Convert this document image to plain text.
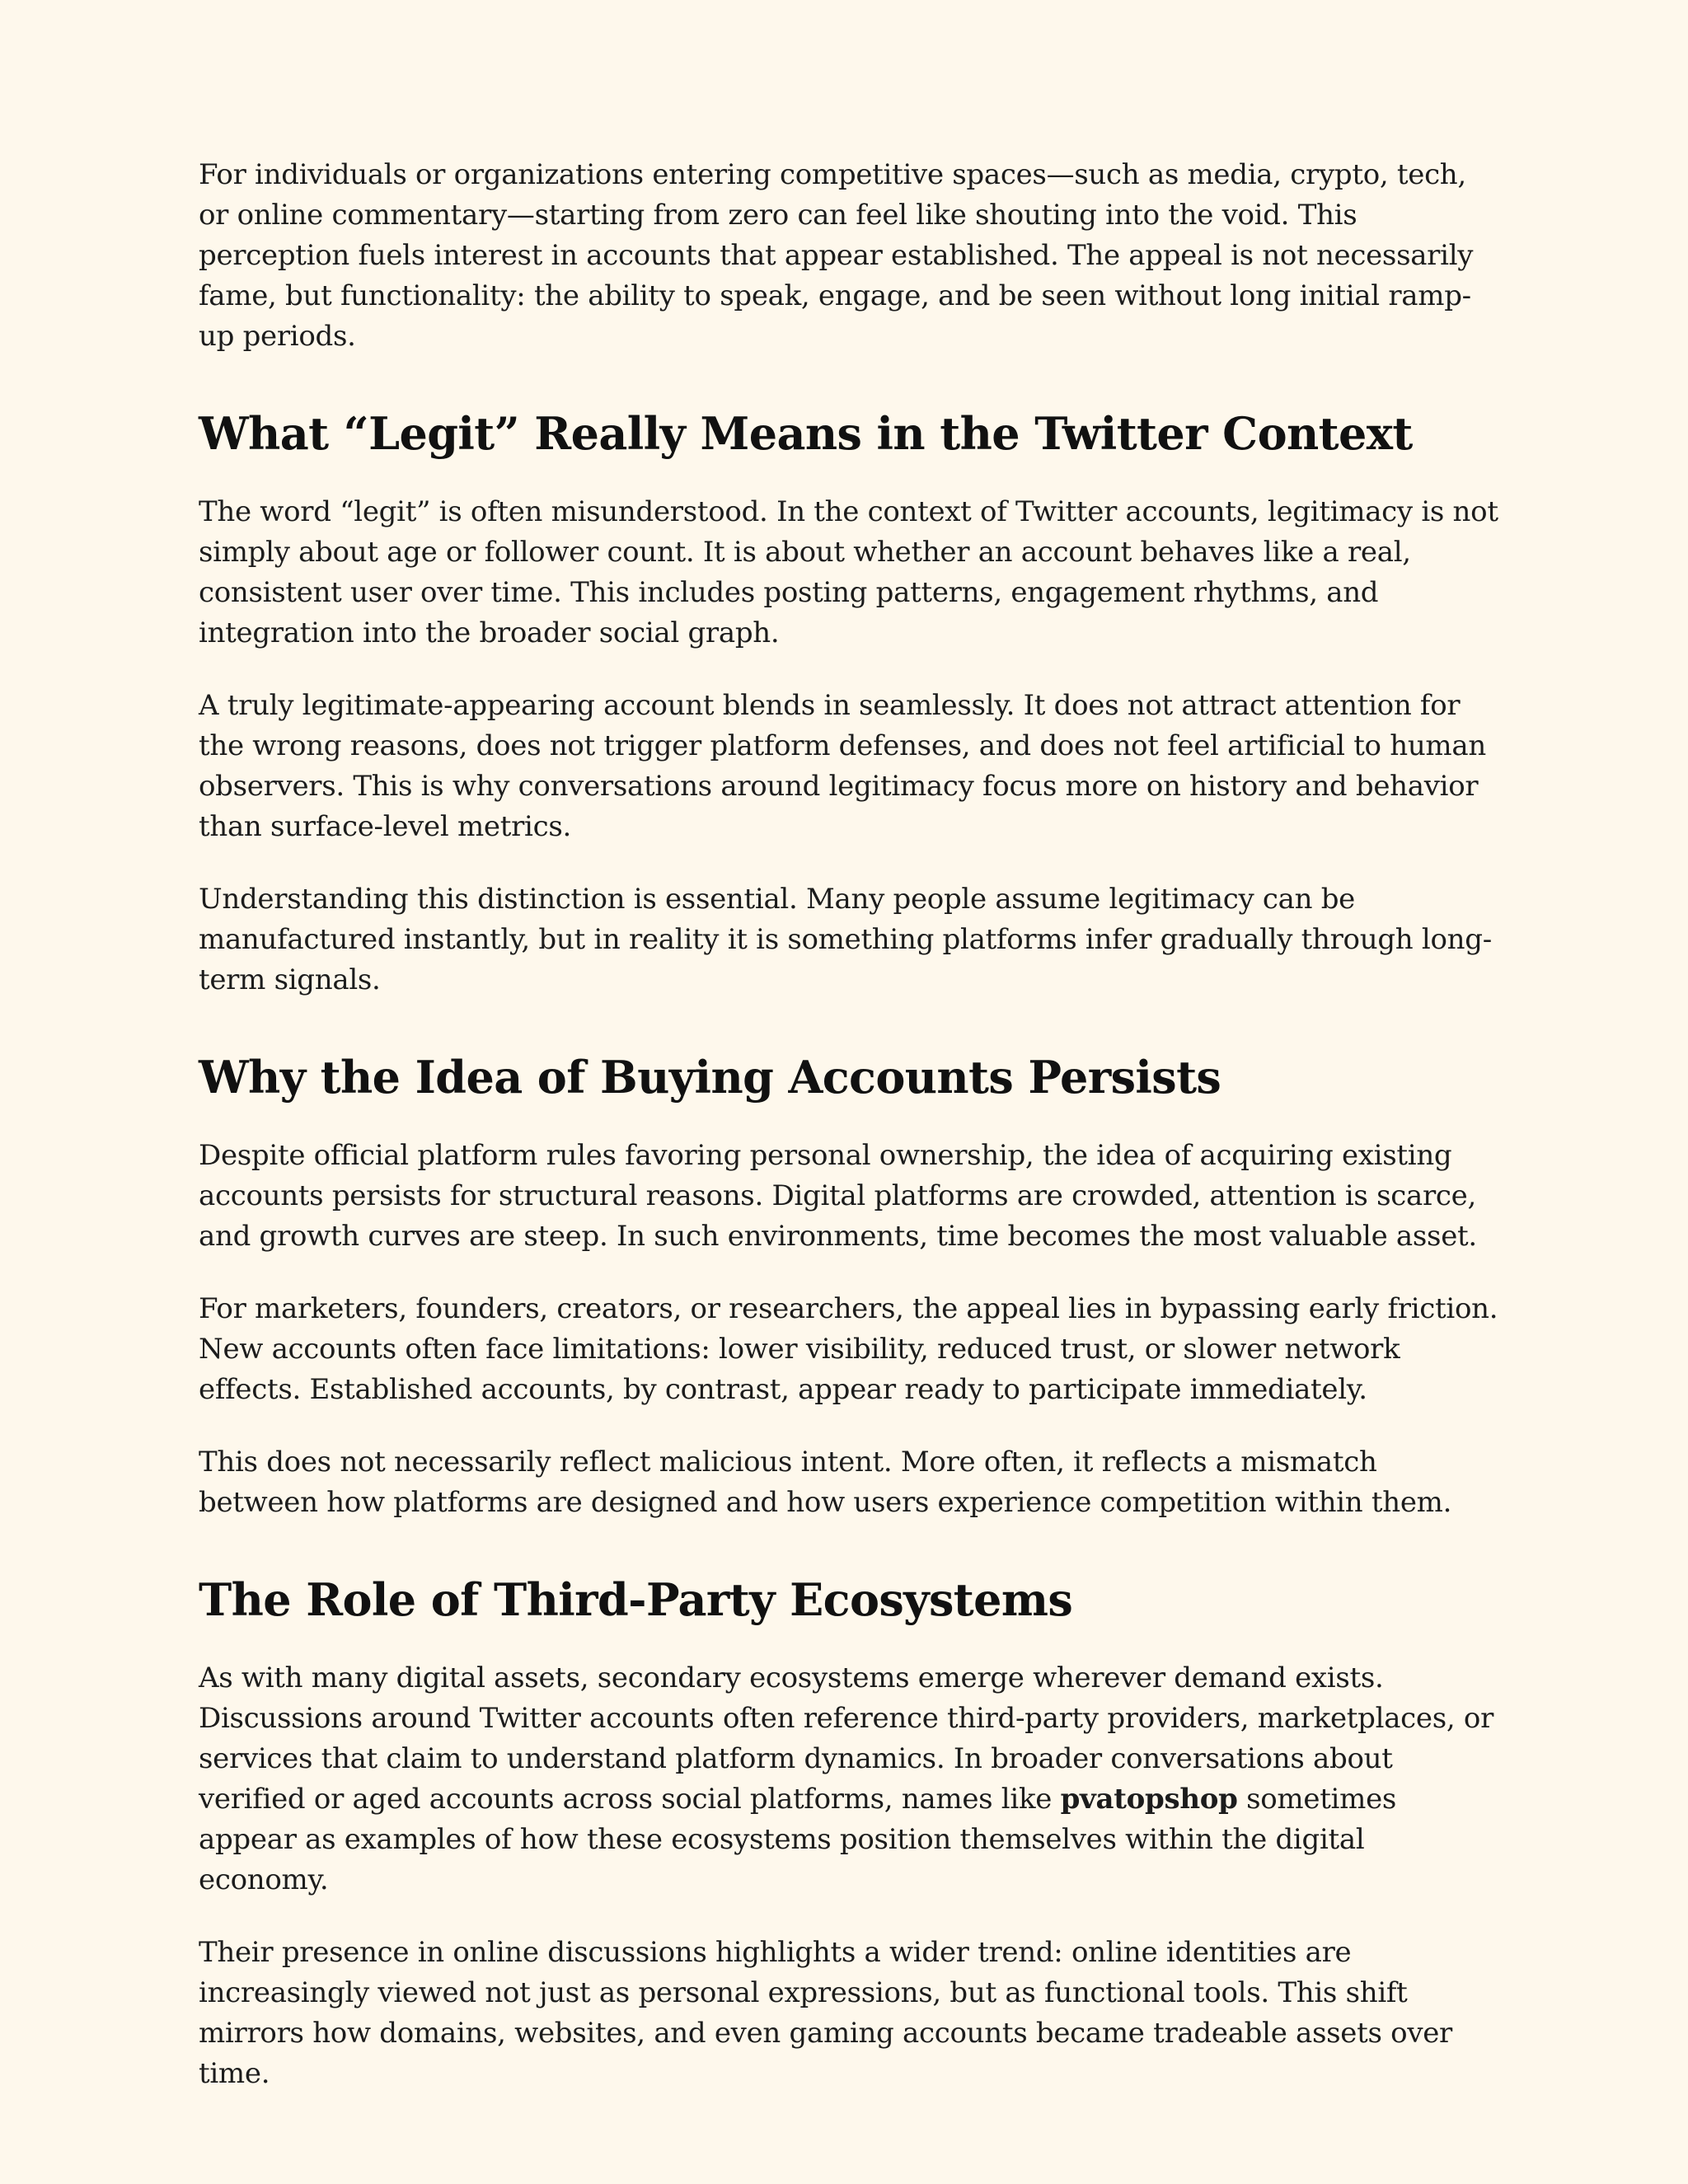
For individuals or organizations entering competitive spaces—such as media, crypto, tech, or online commentary—starting from zero can feel like shouting into the void. This perception fuels interest in accounts that appear established. The appeal is not necessarily fame, but functionality: the ability to speak, engage, and be seen without long initial ramp-up periods.

What “Legit” Really Means in the Twitter Context

The word “legit” is often misunderstood. In the context of Twitter accounts, legitimacy is not simply about age or follower count. It is about whether an account behaves like a real, consistent user over time. This includes posting patterns, engagement rhythms, and integration into the broader social graph.

A truly legitimate-appearing account blends in seamlessly. It does not attract attention for the wrong reasons, does not trigger platform defenses, and does not feel artificial to human observers. This is why conversations around legitimacy focus more on history and behavior than surface-level metrics.

Understanding this distinction is essential. Many people assume legitimacy can be manufactured instantly, but in reality it is something platforms infer gradually through long-term signals.

Why the Idea of Buying Accounts Persists

Despite official platform rules favoring personal ownership, the idea of acquiring existing accounts persists for structural reasons. Digital platforms are crowded, attention is scarce, and growth curves are steep. In such environments, time becomes the most valuable asset.

For marketers, founders, creators, or researchers, the appeal lies in bypassing early friction. New accounts often face limitations: lower visibility, reduced trust, or slower network effects. Established accounts, by contrast, appear ready to participate immediately.

This does not necessarily reflect malicious intent. More often, it reflects a mismatch between how platforms are designed and how users experience competition within them.

The Role of Third-Party Ecosystems

As with many digital assets, secondary ecosystems emerge wherever demand exists. Discussions around Twitter accounts often reference third-party providers, marketplaces, or services that claim to understand platform dynamics. In broader conversations about verified or aged accounts across social platforms, names like pvatopshop sometimes appear as examples of how these ecosystems position themselves within the digital economy.

Their presence in online discussions highlights a wider trend: online identities are increasingly viewed not just as personal expressions, but as functional tools. This shift mirrors how domains, websites, and even gaming accounts became tradeable assets over time.
